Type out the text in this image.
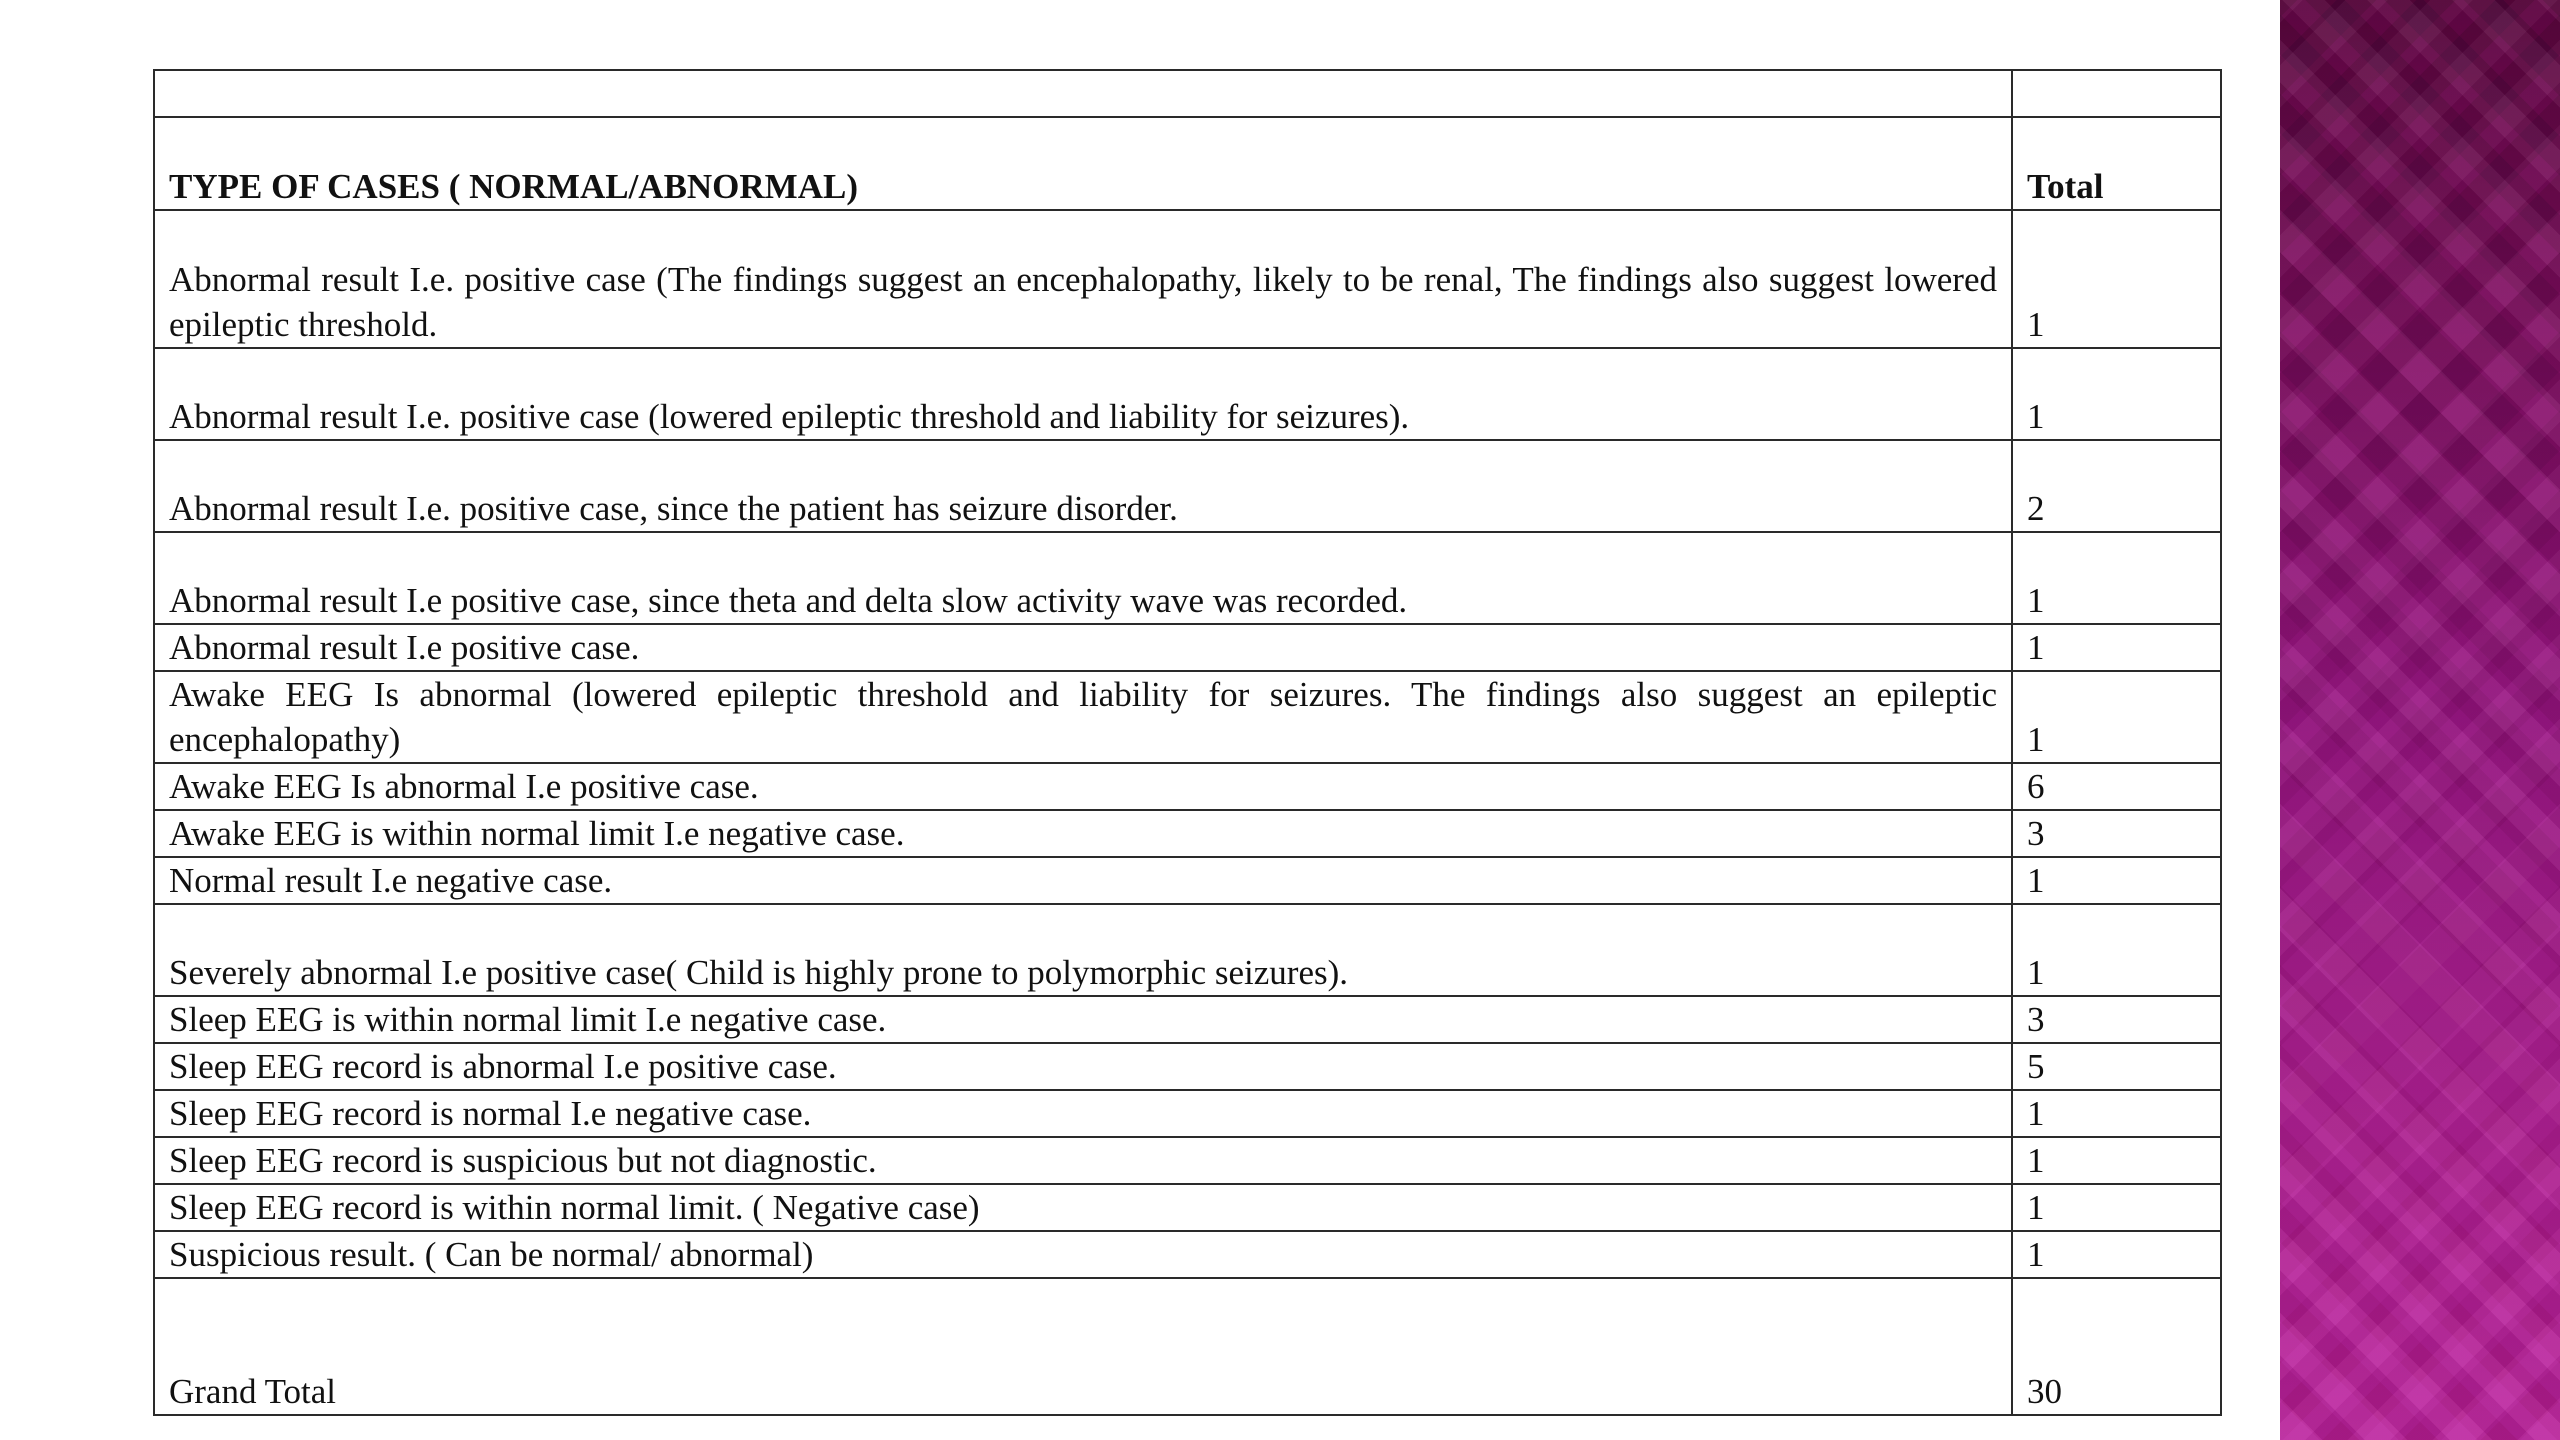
TYPE OF CASES ( NORMAL/ABNORMAL)	Total
Abnormal result I.e. positive case (The findings suggest an encephalopathy, likely to be renal, The findings also suggest lowered epileptic threshold.	1
Abnormal result I.e. positive case (lowered epileptic threshold and liability for seizures).	1
Abnormal result I.e. positive case, since the patient has seizure disorder.	2
Abnormal result I.e positive case, since theta and delta slow activity wave was recorded.	1
Abnormal result I.e positive case.	1
Awake EEG Is abnormal (lowered epileptic threshold and liability for seizures. The findings also suggest an epileptic encephalopathy)	1
Awake EEG Is abnormal I.e positive case.	6
Awake EEG is within normal limit I.e negative case.	3
Normal result I.e negative case.	1
Severely abnormal I.e positive case( Child is highly prone to polymorphic seizures).	1
Sleep EEG is within normal limit I.e negative case.	3
Sleep EEG record is abnormal I.e positive case.	5
Sleep EEG record is normal I.e negative case.	1
Sleep EEG record is suspicious but not diagnostic.	1
Sleep EEG record is within normal limit. ( Negative case)	1
Suspicious result. ( Can be normal/ abnormal)	1
Grand Total	30
